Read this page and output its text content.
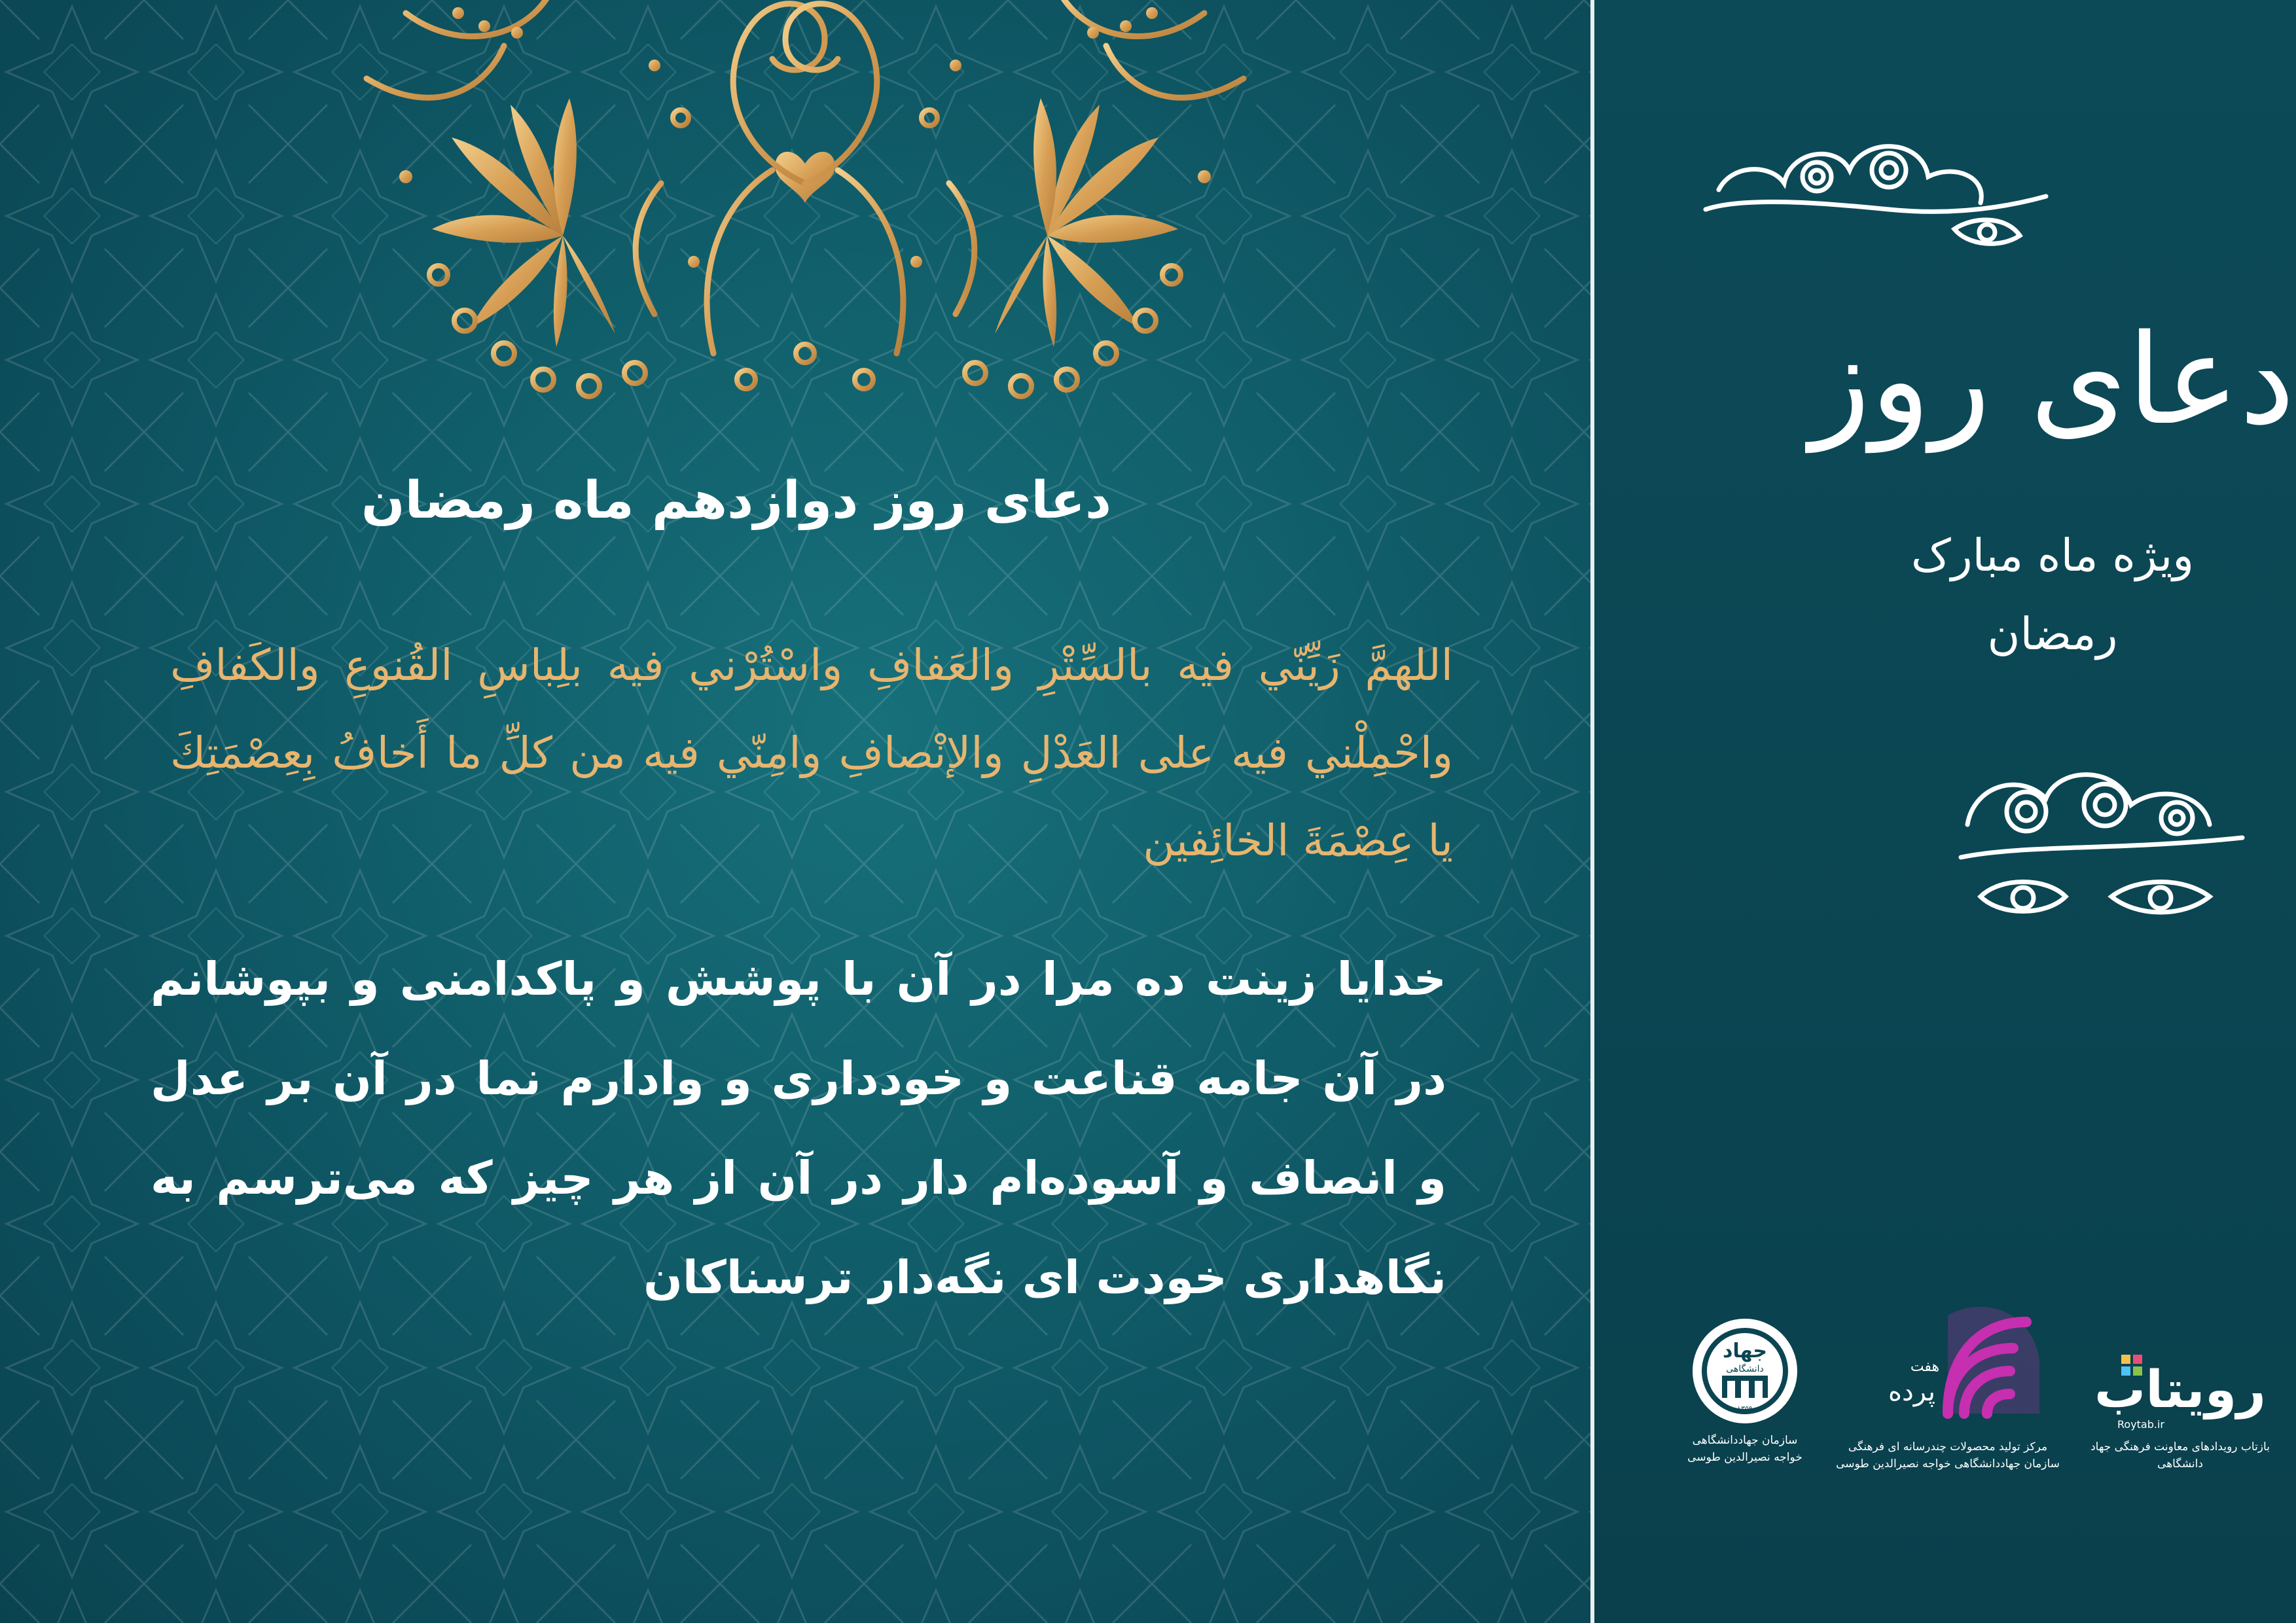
دعای روز دوازدهم ماه رمضان
اللهمَّ زَيِّنّي فيه بالسِّتْرِ والعَفافِ واسْتُرْني فيه بلِباسِ القُنوعِ والكَفافِ واحْمِلْني فيه على العَدْلِ والإنْصافِ وامِنّي فيه من كلِّ ما أَخافُ بِعِصْمَتِكَ يا عِصْمَةَ الخائِفين
خدایا زینت ده مرا در آن با پوشش و پاکدامنی و بپوشانم در آن جامه قناعت و خودداری و وادارم نما در آن بر عدل و انصاف و آسوده‌ام دار در آن از هر چیز که می‌ترسم به نگاهداری خودت ای نگه‌دار ترسناکان
دعای روز
ویژه ماه مبارک
رمضان
جهاد
دانشگاهی
۱۳۵۹
سازمان جهاددانشگاهی
خواجه نصیرالدین طوسی
هفت
پرده
مرکز تولید محصولات چندرسانه ای فرهنگی
سازمان جهاددانشگاهی خواجه نصیرالدین طوسی
رویتاب
Roytab.ir
بازتاب رویدادهای معاونت فرهنگی جهاد دانشگاهی
